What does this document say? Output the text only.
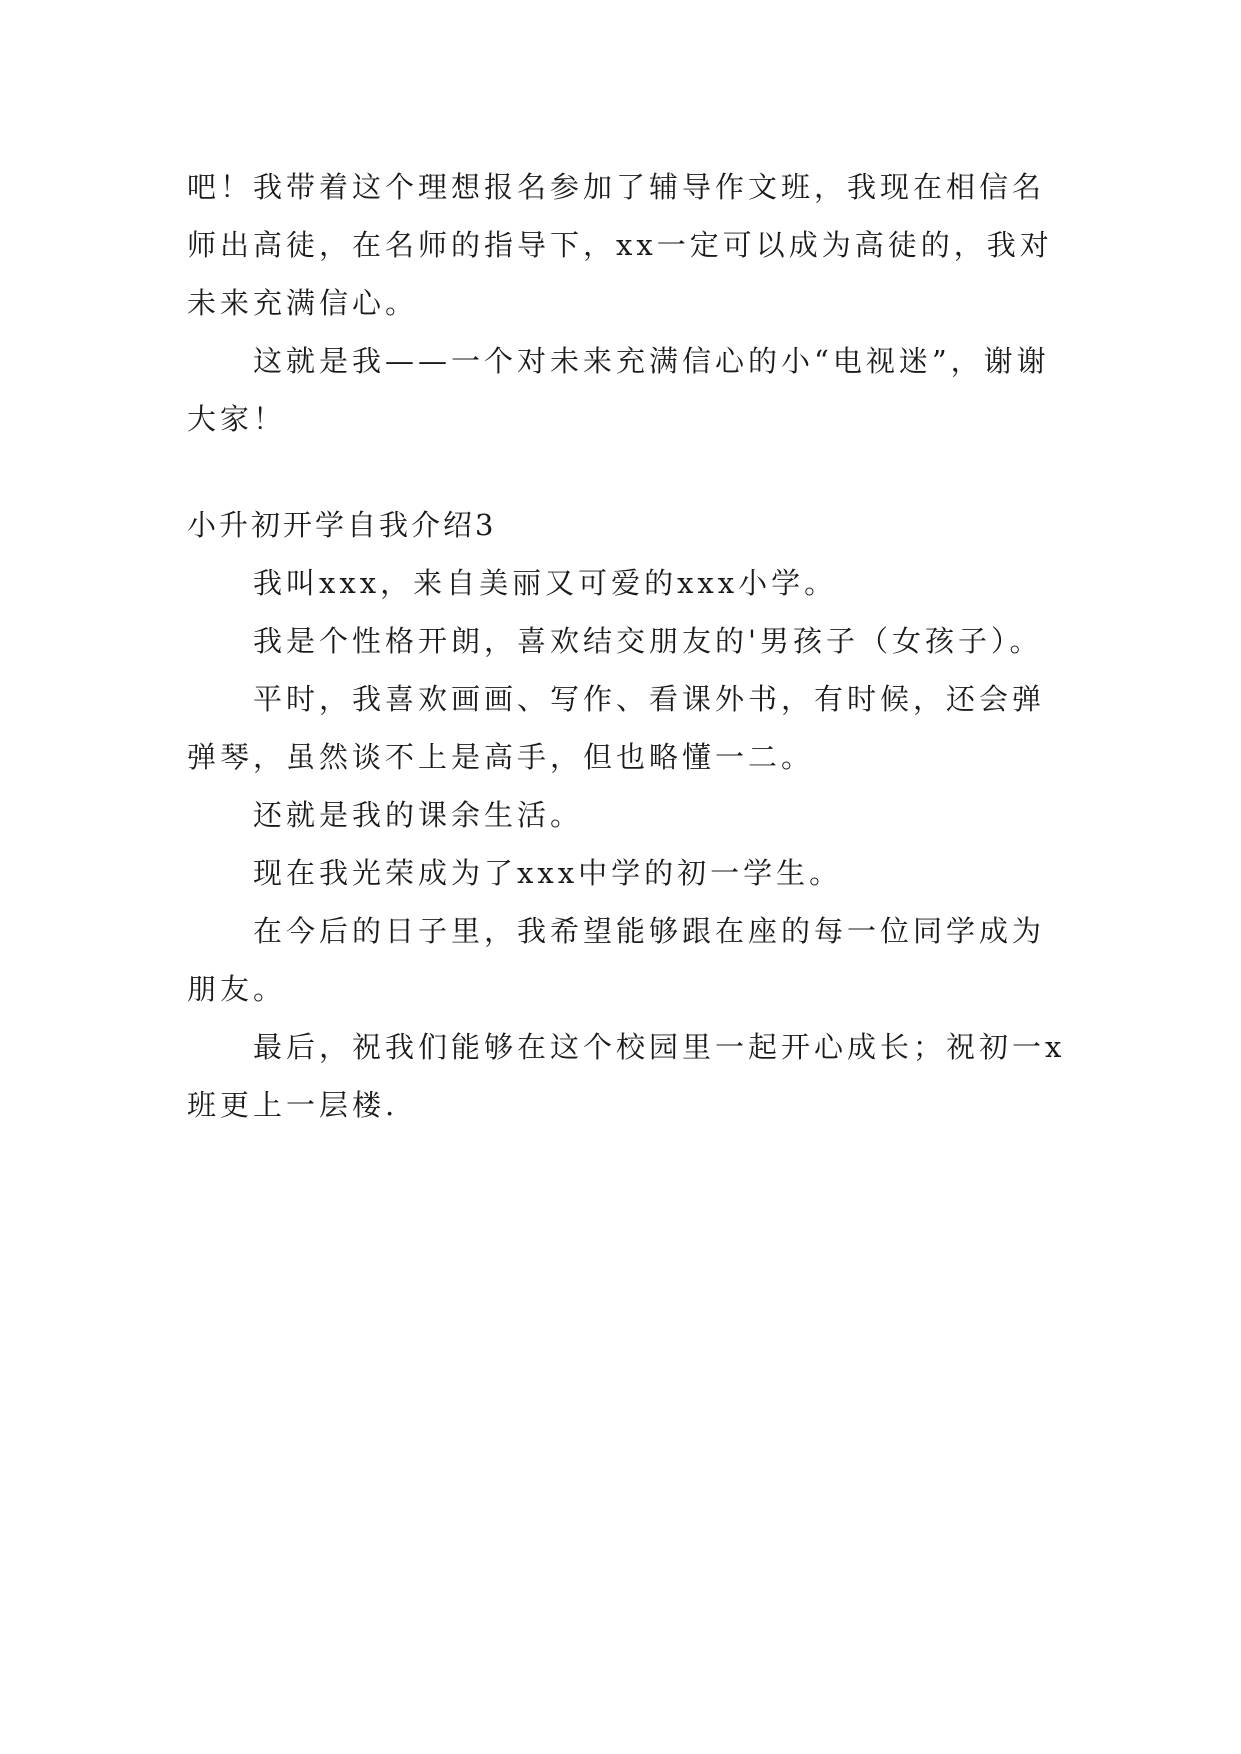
吧！我带着这个理想报名参加了辅导作文班，我现在相信名师出高徒，在名师的指导下，xx一定可以成为高徒的，我对未来充满信心。

这就是我——一个对未来充满信心的小“电视迷”，谢谢大家！

小升初开学自我介绍3

我叫xxx，来自美丽又可爱的xxx小学。

我是个性格开朗，喜欢结交朋友的'男孩子（女孩子）。

平时，我喜欢画画、写作、看课外书，有时候，还会弹弹琴，虽然谈不上是高手，但也略懂一二。

还就是我的课余生活。

现在我光荣成为了xxx中学的初一学生。

在今后的日子里，我希望能够跟在座的每一位同学成为朋友。

最后，祝我们能够在这个校园里一起开心成长；祝初一x班更上一层楼.
